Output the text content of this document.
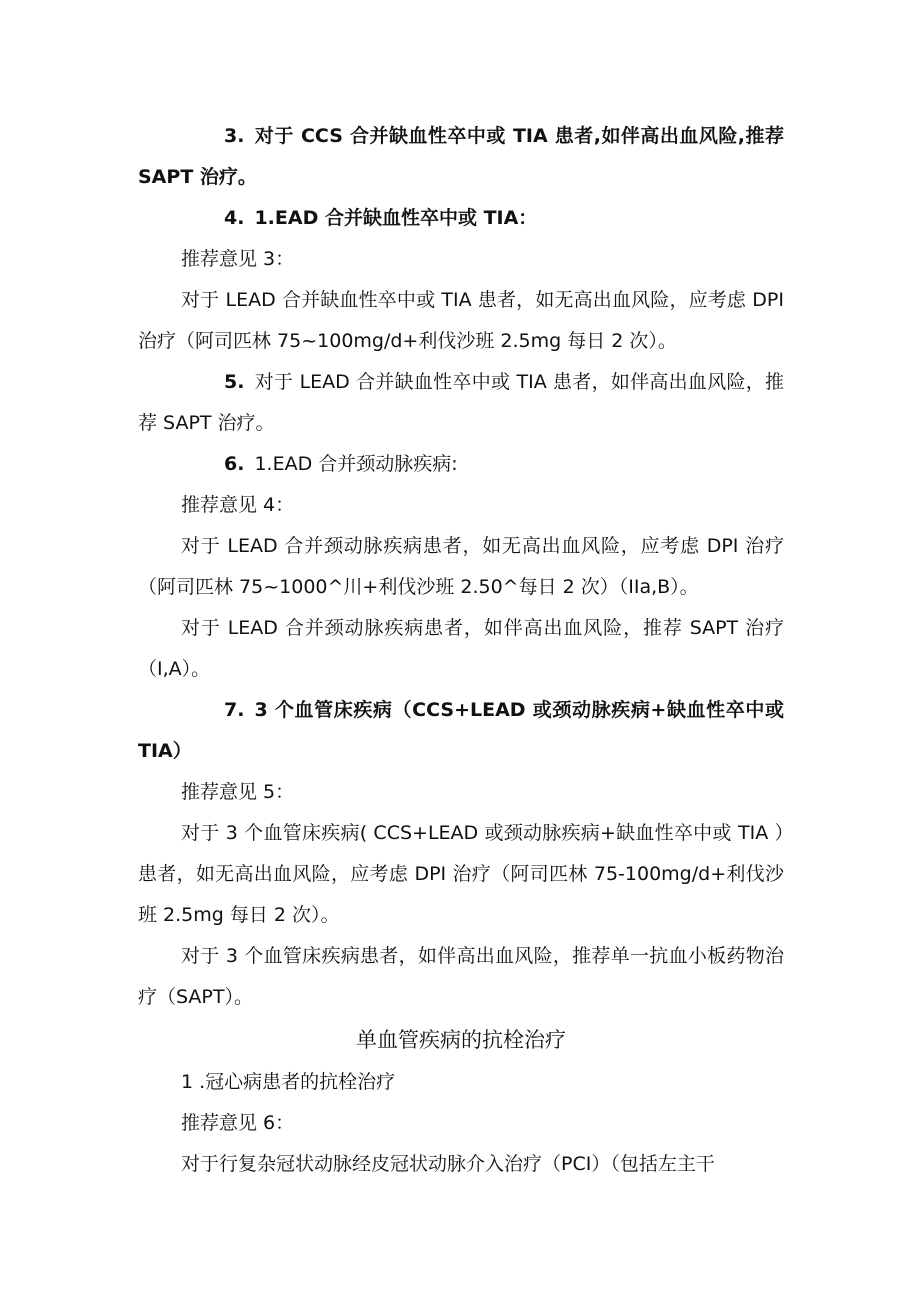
3. 对于 CCS 合并缺血性卒中或 TIA 患者,如伴高出血风险,推荐 SAPT 治疗。

4. 1.EAD 合并缺血性卒中或 TIA：

推荐意见 3：

对于 LEAD 合并缺血性卒中或 TIA 患者，如无高出血风险，应考虑 DPI 治疗（阿司匹林 75~100mg/d+利伐沙班 2.5mg 每日 2 次）。

5. 对于 LEAD 合并缺血性卒中或 TIA 患者，如伴高出血风险，推荐 SAPT 治疗。

6. 1.EAD 合并颈动脉疾病:

推荐意见 4：

对于 LEAD 合并颈动脉疾病患者，如无高出血风险，应考虑 DPI 治疗（阿司匹林 75~1000^川+利伐沙班 2.50^每日 2 次）（IIa,B）。

对于 LEAD 合并颈动脉疾病患者，如伴高出血风险，推荐 SAPT 治疗（I,A）。

7. 3 个血管床疾病（CCS+LEAD 或颈动脉疾病+缺血性卒中或 TIA）

推荐意见 5：

对于 3 个血管床疾病( CCS+LEAD 或颈动脉疾病+缺血性卒中或 TIA ）患者，如无高出血风险，应考虑 DPI 治疗（阿司匹林 75-100mg/d+利伐沙班 2.5mg 每日 2 次）。

对于 3 个血管床疾病患者，如伴高出血风险，推荐单一抗血小板药物治疗（SAPT）。

单血管疾病的抗栓治疗

1 .冠心病患者的抗栓治疗

推荐意见 6：

对于行复杂冠状动脉经皮冠状动脉介入治疗（PCI）（包括左主干
